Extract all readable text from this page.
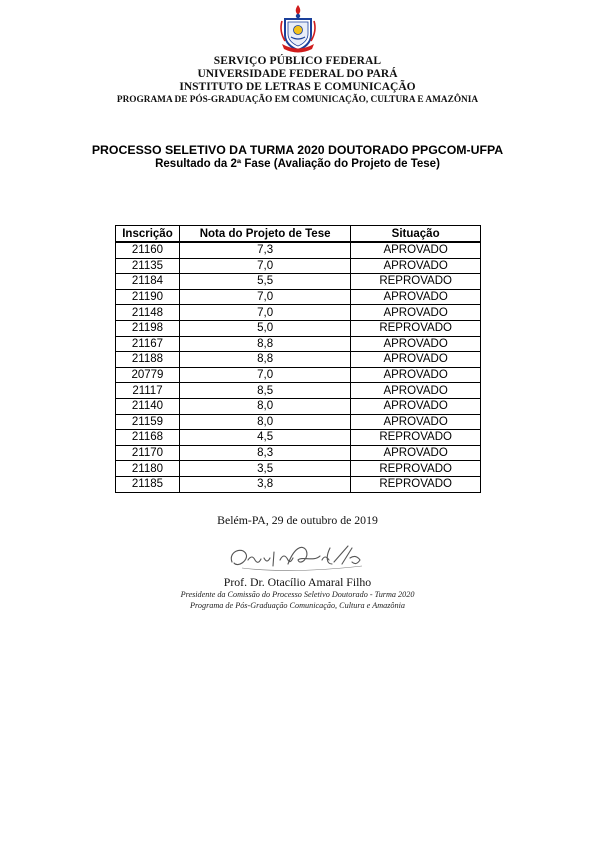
SERVIÇO PÚBLICO FEDERAL
UNIVERSIDADE FEDERAL DO PARÁ
INSTITUTO DE LETRAS E COMUNICAÇÃO
PROGRAMA DE PÓS-GRADUAÇÃO EM COMUNICAÇÃO, CULTURA E AMAZÔNIA
PROCESSO SELETIVO DA TURMA 2020 DOUTORADO PPGCOM-UFPA
Resultado da 2ª Fase (Avaliação do Projeto de Tese)
Inscrição	Nota do Projeto de Tese	Situação
21160	7,3	APROVADO
21135	7,0	APROVADO
21184	5,5	REPROVADO
21190	7,0	APROVADO
21148	7,0	APROVADO
21198	5,0	REPROVADO
21167	8,8	APROVADO
21188	8,8	APROVADO
20779	7,0	APROVADO
21117	8,5	APROVADO
21140	8,0	APROVADO
21159	8,0	APROVADO
21168	4,5	REPROVADO
21170	8,3	APROVADO
21180	3,5	REPROVADO
21185	3,8	REPROVADO
Belém-PA, 29 de outubro de 2019
Prof. Dr. Otacílio Amaral Filho
Presidente da Comissão do Processo Seletivo Doutorado - Turma 2020
Programa de Pós-Graduação Comunicação, Cultura e Amazônia
